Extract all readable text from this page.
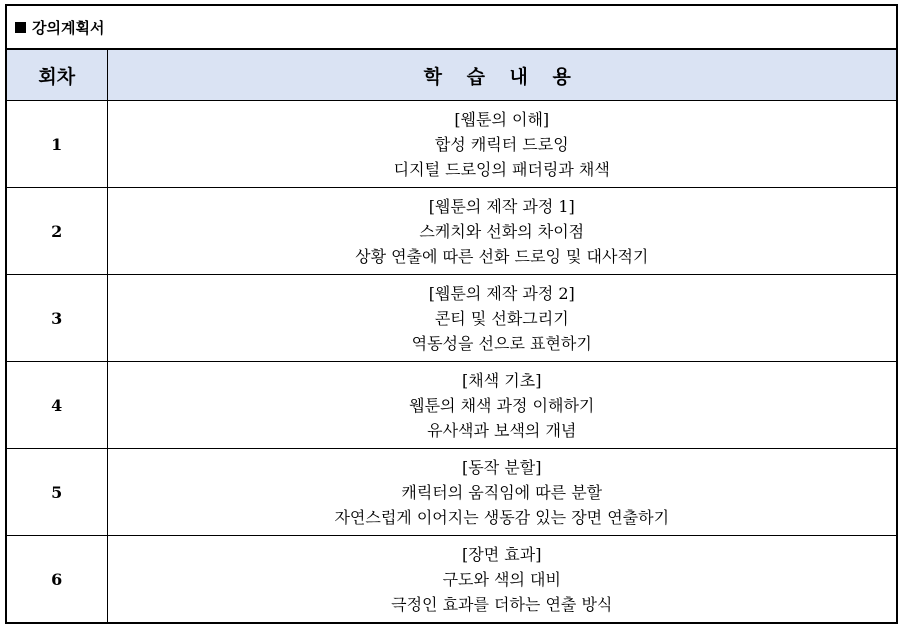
강의계획서
회차	학 습 내 용
1	[웹툰의 이해]
합성 캐릭터 드로잉
디지털 드로잉의 패더링과 채색

2	[웹툰의 제작 과정 1]
스케치와 선화의 차이점
상황 연출에 따른 선화 드로잉 및 대사적기

3	[웹툰의 제작 과정 2]
콘티 및 선화그리기
역동성을 선으로 표현하기

4	[채색 기초]
웹툰의 채색 과정 이해하기
유사색과 보색의 개념

5	[동작 분할]
캐릭터의 움직임에 따른 분할
자연스럽게 이어지는 생동감 있는 장면 연출하기

6	[장면 효과]
구도와 색의 대비
극정인 효과를 더하는 연출 방식
